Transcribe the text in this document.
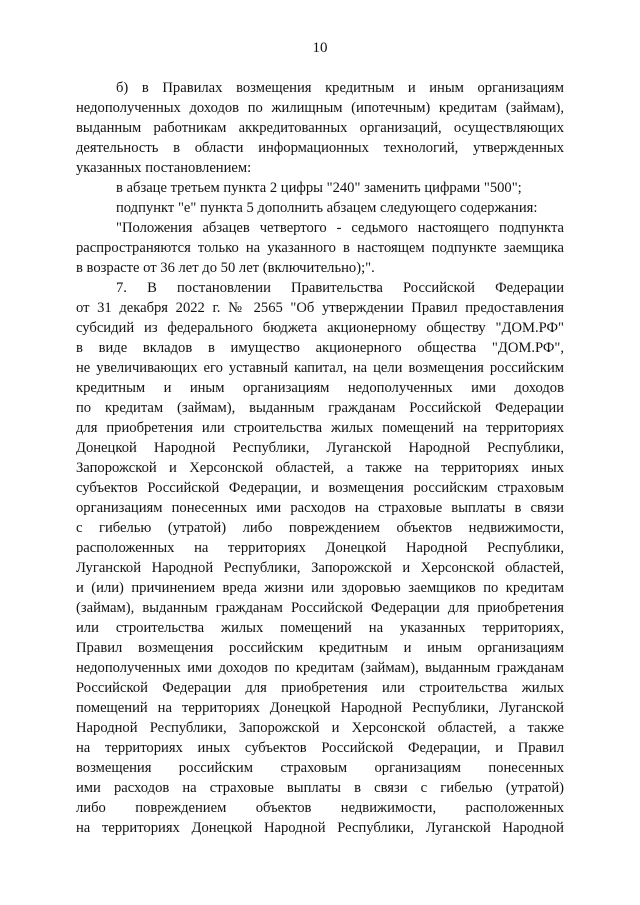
10
б) в Правилах возмещения кредитным и иным организациям
недополученных доходов по жилищным (ипотечным) кредитам (займам),
выданным работникам аккредитованных организаций, осуществляющих
деятельность в области информационных технологий, утвержденных
указанных постановлением:
в абзаце третьем пункта 2 цифры "240" заменить цифрами "500";
подпункт "е" пункта 5 дополнить абзацем следующего содержания:
"Положения абзацев четвертого - седьмого настоящего подпункта
распространяются только на указанного в настоящем подпункте заемщика
в возрасте от 36 лет до 50 лет (включительно);".
7. В постановлении Правительства Российской Федерации
от 31 декабря 2022 г. № 2565 "Об утверждении Правил предоставления
субсидий из федерального бюджета акционерному обществу "ДОМ.РФ"
в виде вкладов в имущество акционерного общества "ДОМ.РФ",
не увеличивающих его уставный капитал, на цели возмещения российским
кредитным и иным организациям недополученных ими доходов
по кредитам (займам), выданным гражданам Российской Федерации
для приобретения или строительства жилых помещений на территориях
Донецкой Народной Республики, Луганской Народной Республики,
Запорожской и Херсонской областей, а также на территориях иных
субъектов Российской Федерации, и возмещения российским страховым
организациям понесенных ими расходов на страховые выплаты в связи
с гибелью (утратой) либо повреждением объектов недвижимости,
расположенных на территориях Донецкой Народной Республики,
Луганской Народной Республики, Запорожской и Херсонской областей,
и (или) причинением вреда жизни или здоровью заемщиков по кредитам
(займам), выданным гражданам Российской Федерации для приобретения
или строительства жилых помещений на указанных территориях,
Правил возмещения российским кредитным и иным организациям
недополученных ими доходов по кредитам (займам), выданным гражданам
Российской Федерации для приобретения или строительства жилых
помещений на территориях Донецкой Народной Республики, Луганской
Народной Республики, Запорожской и Херсонской областей, а также
на территориях иных субъектов Российской Федерации, и Правил
возмещения российским страховым организациям понесенных
ими расходов на страховые выплаты в связи с гибелью (утратой)
либо повреждением объектов недвижимости, расположенных
на территориях Донецкой Народной Республики, Луганской Народной
